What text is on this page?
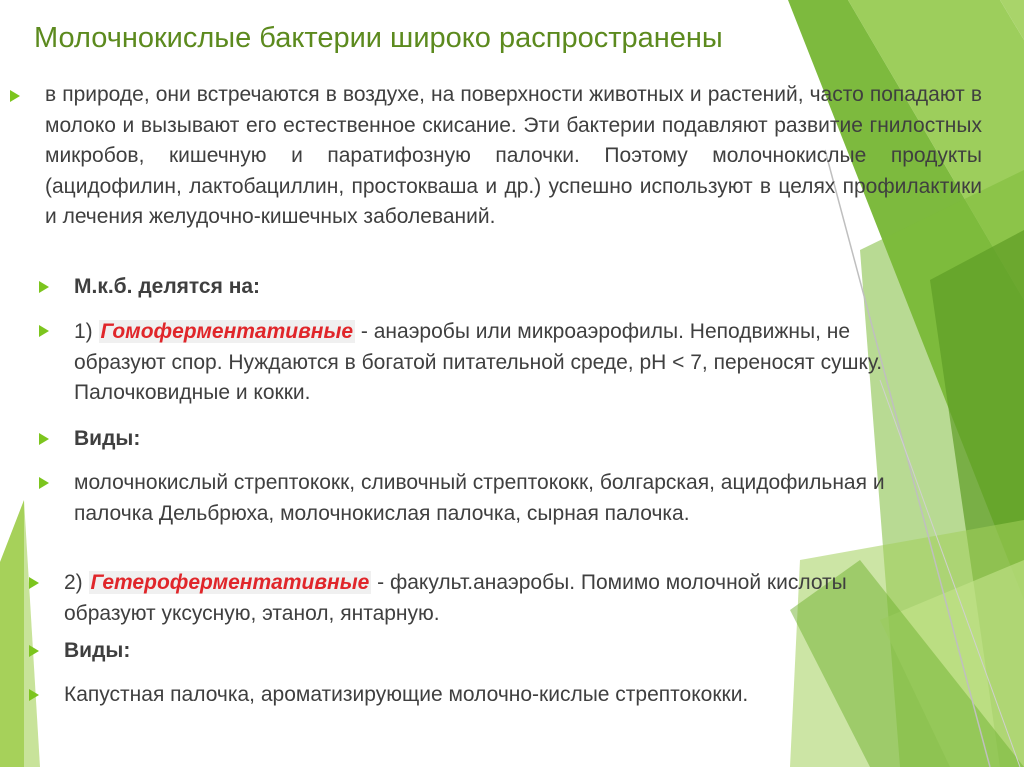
Молочнокислые бактерии широко распространены
в природе, они встречаются в воздухе, на поверхности животных и растений, часто попадают в молоко и вызывают его естественное скисание. Эти бактерии подавляют развитие гнилостных микробов, кишечную и паратифозную палочки. Поэтому молочнокислые продукты (ацидофилин, лактобациллин, простокваша и др.) успешно используют в целях профилактики и лечения желудочно-кишечных заболеваний.
М.к.б. делятся на:
1) Гомоферментативные - анаэробы или микроаэрофилы. Неподвижны, не образуют спор. Нуждаются в богатой питательной среде, pH < 7, переносят сушку. Палочковидные и кокки.
Виды:
молочнокислый стрептококк, сливочный стрептококк, болгарская, ацидофильная и палочка Дельбрюха, молочнокислая палочка, сырная палочка.
2) Гетероферментативные - факульт.анаэробы. Помимо молочной кислоты образуют уксусную, этанол, янтарную.
Виды:
Капустная палочка, ароматизирующие молочно-кислые стрептококки.
